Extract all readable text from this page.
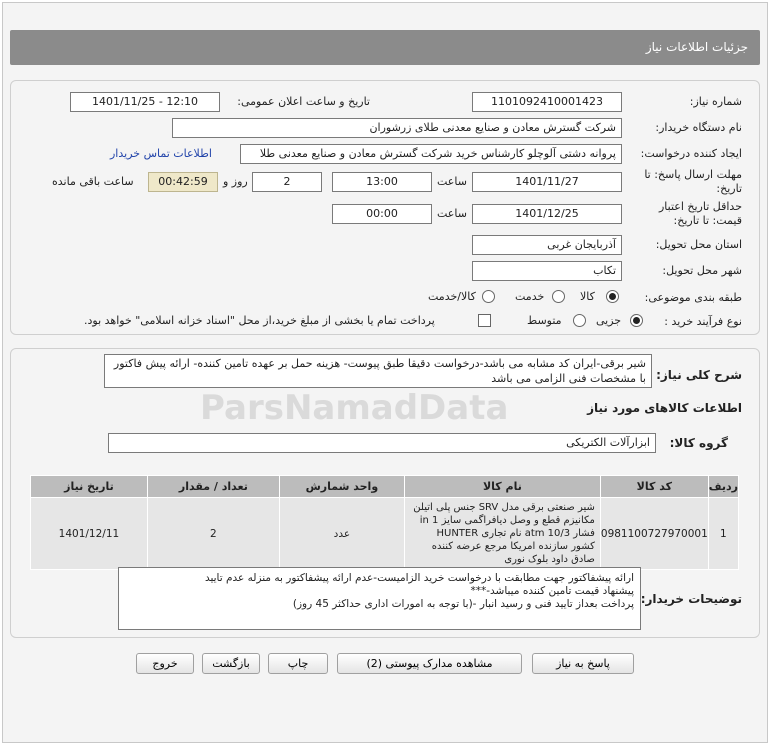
جزئیات اطلاعات نیاز
شماره نیاز:
1101092410001423
تاریخ و ساعت اعلان عمومی:
1401/11/25 - 12:10
نام دستگاه خریدار:
شرکت گسترش معادن و صنایع معدنی طلای زرشوران
ایجاد کننده درخواست:
پروانه دشتی آلوچلو کارشناس خرید شرکت گسترش معادن و صنایع معدنی طلا
اطلاعات تماس خریدار
مهلت ارسال پاسخ: تا
تاریخ:
1401/11/27
ساعت
13:00
2
روز و
00:42:59
ساعت باقی مانده
حداقل تاریخ اعتبار
قیمت: تا تاریخ:
1401/12/25
ساعت
00:00
استان محل تحویل:
آذربایجان غربی
شهر محل تحویل:
تکاب
طبقه بندی موضوعی:
کالا
خدمت
کالا/خدمت
نوع فرآیند خرید :
جزیی
متوسط
پرداخت تمام یا بخشی از مبلغ خرید،از محل "اسناد خزانه اسلامی" خواهد بود.
شرح کلی نیاز:
شیر برقی-ایران کد مشابه می باشد-درخواست دقیقا طبق پیوست- هزینه حمل بر عهده تامین کننده- ارائه پیش فاکتور با مشخصات فنی الزامی می باشد
اطلاعات کالاهای مورد نیاز
ParsNamadData
گروه کالا:
ابزارآلات الکتریکی
ردیف	کد کالا	نام کالا	واحد شمارش	تعداد / مقدار	تاریخ نیاز
1	0981100727970001	شیر صنعتی برقی مدل SRV جنس پلی اتیلن مکانیزم قطع و وصل دیافراگمی سایز in 1 فشار atm 10/3 نام تجاری HUNTER کشور سازنده امریکا مرجع عرضه کننده صادق داود بلوک نوری	عدد	2	1401/12/11
توضیحات خریدار:
ارائه پیشفاکتور جهت مطابقت با درخواست خرید الزامیست-عدم ارائه پیشفاکتور به منزله عدم تایید
پیشنهاد قیمت تامین کننده میباشد-***
پرداخت بعداز تایید فنی و رسید انبار -(با توجه به امورات اداری حداکثر 45 روز)
پاسخ به نیاز
مشاهده مدارک پیوستی (2)
چاپ
بازگشت
خروج
